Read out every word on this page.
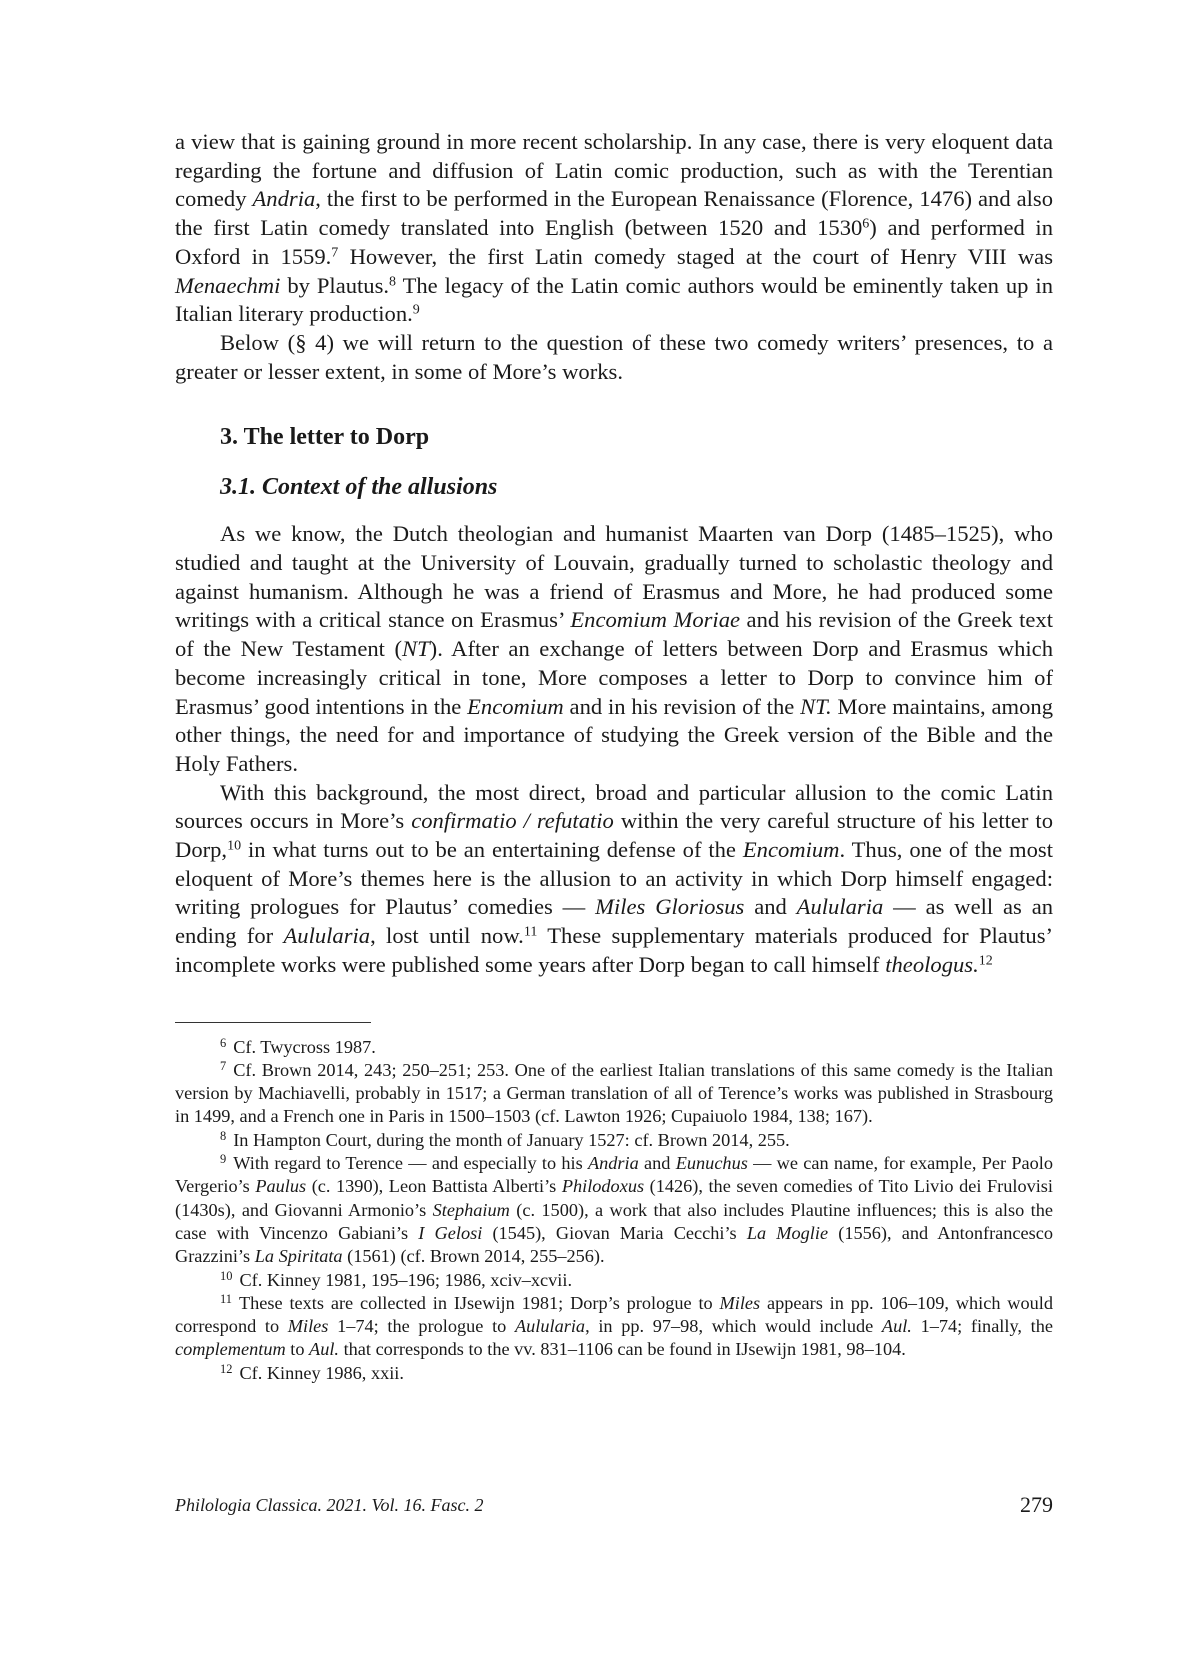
a view that is gaining ground in more recent scholarship. In any case, there is very eloquent data regarding the fortune and diffusion of Latin comic production, such as with the Terentian comedy Andria, the first to be performed in the European Renaissance (Florence, 1476) and also the first Latin comedy translated into English (between 1520 and 1530$^6$) and performed in Oxford in 1559.$^7$ However, the first Latin comedy staged at the court of Henry VIII was Menaechmi by Plautus.$^8$ The legacy of the Latin comic authors would be eminently taken up in Italian literary production.$^9$

Below (§ 4) we will return to the question of these two comedy writers’ presences, to a greater or lesser extent, in some of More’s works.

3. The letter to Dorp
3.1. Context of the allusions

As we know, the Dutch theologian and humanist Maarten van Dorp (1485–1525), who studied and taught at the University of Louvain, gradually turned to scholastic theology and against humanism. Although he was a friend of Erasmus and More, he had produced some writings with a critical stance on Erasmus’ Encomium Moriae and his revision of the Greek text of the New Testament (NT). After an exchange of letters between Dorp and Erasmus which become increasingly critical in tone, More composes a letter to Dorp to convince him of Erasmus’ good intentions in the Encomium and in his revision of the NT. More maintains, among other things, the need for and importance of studying the Greek version of the Bible and the Holy Fathers.

With this background, the most direct, broad and particular allusion to the comic Latin sources occurs in More’s confirmatio / refutatio within the very careful structure of his letter to Dorp,$^{10}$ in what turns out to be an entertaining defense of the Encomium. Thus, one of the most eloquent of More’s themes here is the allusion to an activity in which Dorp himself engaged: writing prologues for Plautus’ comedies — Miles Gloriosus and Aulularia — as well as an ending for Aulularia, lost until now.$^{11}$ These supplementary materials produced for Plautus’ incomplete works were published some years after Dorp began to call himself theologus.$^{12}$

$^6$ Cf. Twycross 1987.

$^7$ Cf. Brown 2014, 243; 250–251; 253. One of the earliest Italian translations of this same comedy is the Italian version by Machiavelli, probably in 1517; a German translation of all of Terence’s works was published in Strasbourg in 1499, and a French one in Paris in 1500–1503 (cf. Lawton 1926; Cupaiuolo 1984, 138; 167).

$^8$ In Hampton Court, during the month of January 1527: cf. Brown 2014, 255.

$^9$ With regard to Terence — and especially to his Andria and Eunuchus — we can name, for example, Per Paolo Vergerio’s Paulus (c. 1390), Leon Battista Alberti’s Philodoxus (1426), the seven comedies of Tito Livio dei Frulovisi (1430s), and Giovanni Armonio’s Stephaium (c. 1500), a work that also includes Plautine influences; this is also the case with Vincenzo Gabiani’s I Gelosi (1545), Giovan Maria Cecchi’s La Moglie (1556), and Antonfrancesco Grazzini’s La Spiritata (1561) (cf. Brown 2014, 255–256).

$^{10}$ Cf. Kinney 1981, 195–196; 1986, xciv–xcvii.

$^{11}$ These texts are collected in IJsewijn 1981; Dorp’s prologue to Miles appears in pp. 106–109, which would correspond to Miles 1–74; the prologue to Aulularia, in pp. 97–98, which would include Aul. 1–74; finally, the complementum to Aul. that corresponds to the vv. 831–1106 can be found in IJsewijn 1981, 98–104.

$^{12}$ Cf. Kinney 1986, xxii.

Philologia Classica. 2021. Vol. 16. Fasc. 2	279
